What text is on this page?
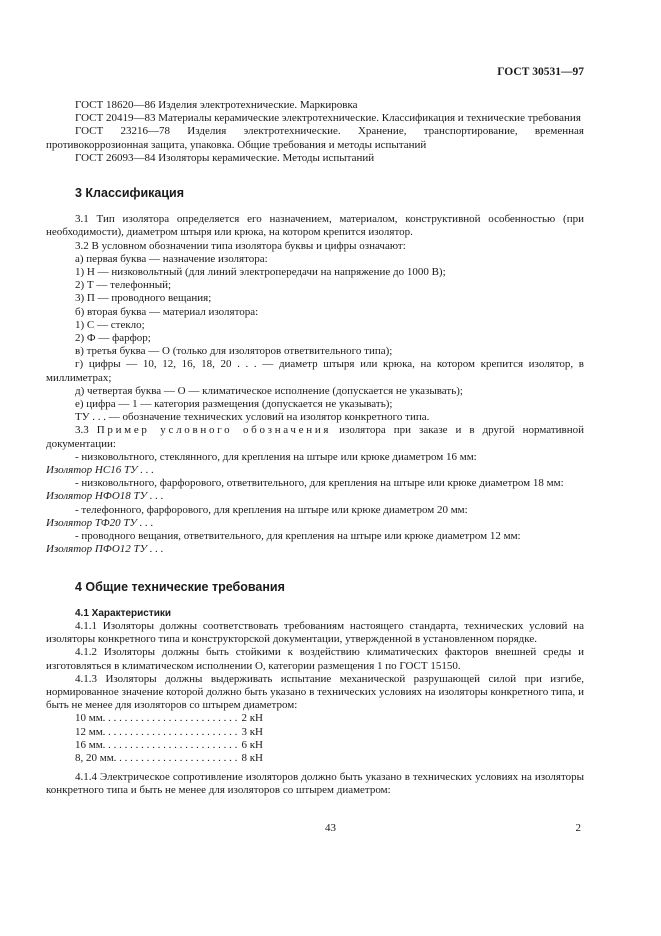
ГОСТ 30531—97

ГОСТ 18620—86 Изделия электротехнические. Маркировка

ГОСТ 20419—83 Материалы керамические электротехнические. Классификация и технические требования

ГОСТ 23216—78 Изделия электротехнические. Хранение, транспортирование, временная противокоррозионная защита, упаковка. Общие требования и методы испытаний

ГОСТ 26093—84 Изоляторы керамические. Методы испытаний

3 Классификация

3.1 Тип изолятора определяется его назначением, материалом, конструктивной особенностью (при необходимости), диаметром штыря или крюка, на котором крепится изолятор.

3.2 В условном обозначении типа изолятора буквы и цифры означают:

а) первая буква — назначение изолятора:

1) Н — низковольтный (для линий электропередачи на напряжение до 1000 В);

2) Т — телефонный;

3) П — проводного вещания;

б) вторая буква — материал изолятора:

1) С — стекло;

2) Ф — фарфор;

в) третья буква — О (только для изоляторов ответвительного типа);

г) цифры — 10, 12, 16, 18, 20 . . . — диаметр штыря или крюка, на котором крепится изолятор, в миллиметрах;

д) четвертая буква — О — климатическое исполнение (допускается не указывать);

е) цифра — 1 — категория размещения (допускается не указывать);

ТУ . . . — обозначение технических условий на изолятор конкретного типа.

3.3 Пример условного обозначения изолятора при заказе и в другой нормативной документации:

- низковольтного, стеклянного, для крепления на штыре или крюке диаметром 16 мм:

Изолятор НС16 ТУ . . .

- низковольтного, фарфорового, ответвительного, для крепления на штыре или крюке диаметром 18 мм:

Изолятор НФО18 ТУ . . .

- телефонного, фарфорового, для крепления на штыре или крюке диаметром 20 мм:

Изолятор ТФ20 ТУ . . .

- проводного вещания, ответвительного, для крепления на штыре или крюке диаметром 12 мм:

Изолятор ПФО12 ТУ . . .

4 Общие технические требования
4.1 Характеристики

4.1.1 Изоляторы должны соответствовать требованиям настоящего стандарта, технических условий на изоляторы конкретного типа и конструкторской документации, утвержденной в установленном порядке.

4.1.2 Изоляторы должны быть стойкими к воздействию климатических факторов внешней среды и изготовляться в климатическом исполнении О, категории размещения 1 по ГОСТ 15150.

4.1.3 Изоляторы должны выдерживать испытание механической разрушающей силой при изгибе, нормированное значение которой должно быть указано в технических условиях на изоляторы конкретного типа, и быть не менее для изоляторов со штырем диаметром:

10 мм . . .	2 кН
12 мм . . .	3 кН
16 мм . . .	6 кН
8, 20 мм . . .	8 кН

4.1.4 Электрическое сопротивление изоляторов должно быть указано в технических условиях на изоляторы конкретного типа и быть не менее для изоляторов со штырем диаметром:

43	2
